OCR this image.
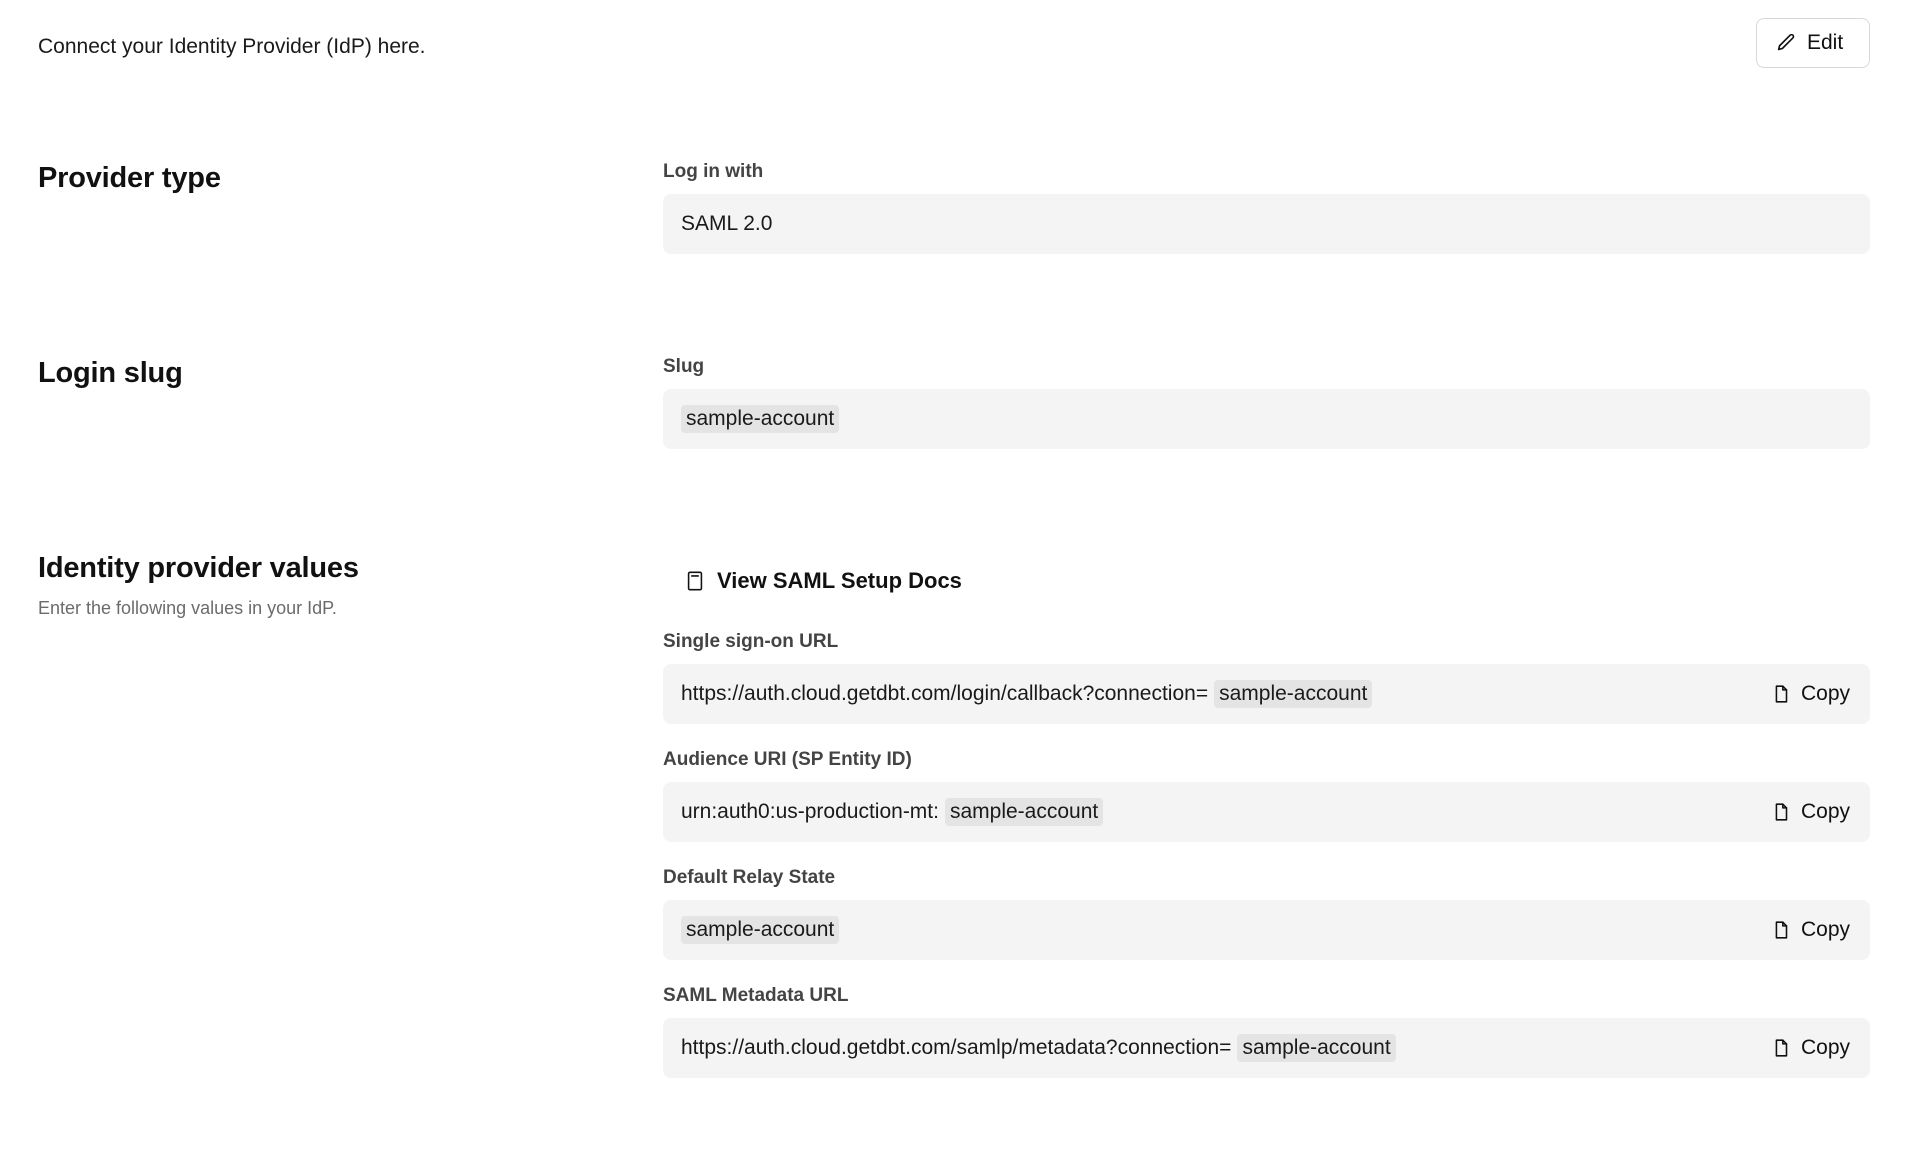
Connect your Identity Provider (IdP) here.	Edit
Provider type	Log in with
SAML 2.0
Login slug	Slug
sample-account
Identity provider values
Enter the following values in your IdP.
View SAML Setup Docs
Single sign-on URL
https://auth.cloud.getdbt.com/login/callback?connection= sample-account	Copy
Audience URI (SP Entity ID)
urn:auth0:us-production-mt: sample-account	Copy
Default Relay State
sample-account	Copy
SAML Metadata URL
https://auth.cloud.getdbt.com/samlp/metadata?connection= sample-account	Copy
